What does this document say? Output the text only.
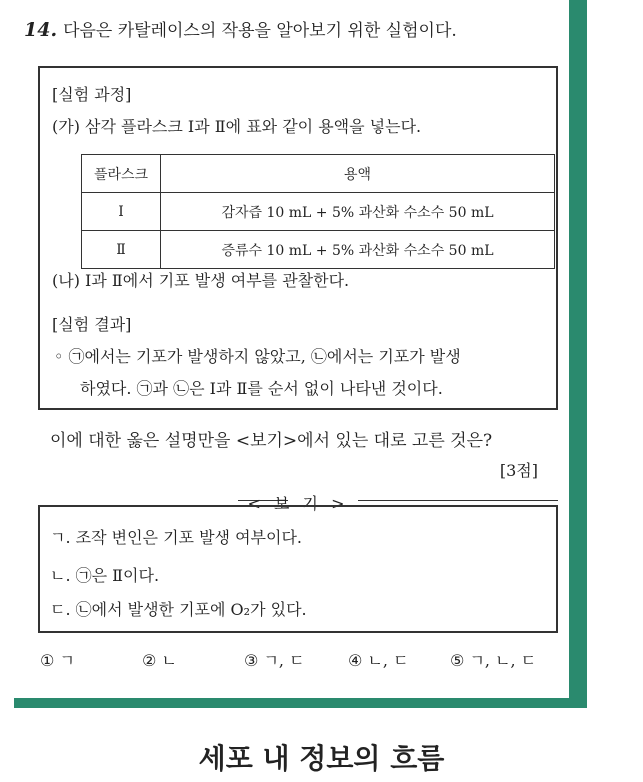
14. 다음은 카탈레이스의 작용을 알아보기 위한 실험이다.
[실험 과정]
(가) 삼각 플라스크 Ⅰ과 Ⅱ에 표와 같이 용액을 넣는다.
플라스크	용액
Ⅰ	감자즙 10 mL + 5% 과산화 수소수 50 mL
Ⅱ	증류수 10 mL + 5% 과산화 수소수 50 mL
(나) Ⅰ과 Ⅱ에서 기포 발생 여부를 관찰한다.
[실험 결과]
◦ ㉠에서는 기포가 발생하지 않았고, ㉡에서는 기포가 발생
하였다. ㉠과 ㉡은 Ⅰ과 Ⅱ를 순서 없이 나타낸 것이다.
이에 대한 옳은 설명만을 <보기>에서 있는 대로 고른 것은?
[3점]
< 보 기 >
ㄱ. 조작 변인은 기포 발생 여부이다.
ㄴ. ㉠은 Ⅱ이다.
ㄷ. ㉡에서 발생한 기포에 O₂가 있다.
① ㄱ	② ㄴ	③ ㄱ, ㄷ	④ ㄴ, ㄷ	⑤ ㄱ, ㄴ, ㄷ
세포 내 정보의 흐름
